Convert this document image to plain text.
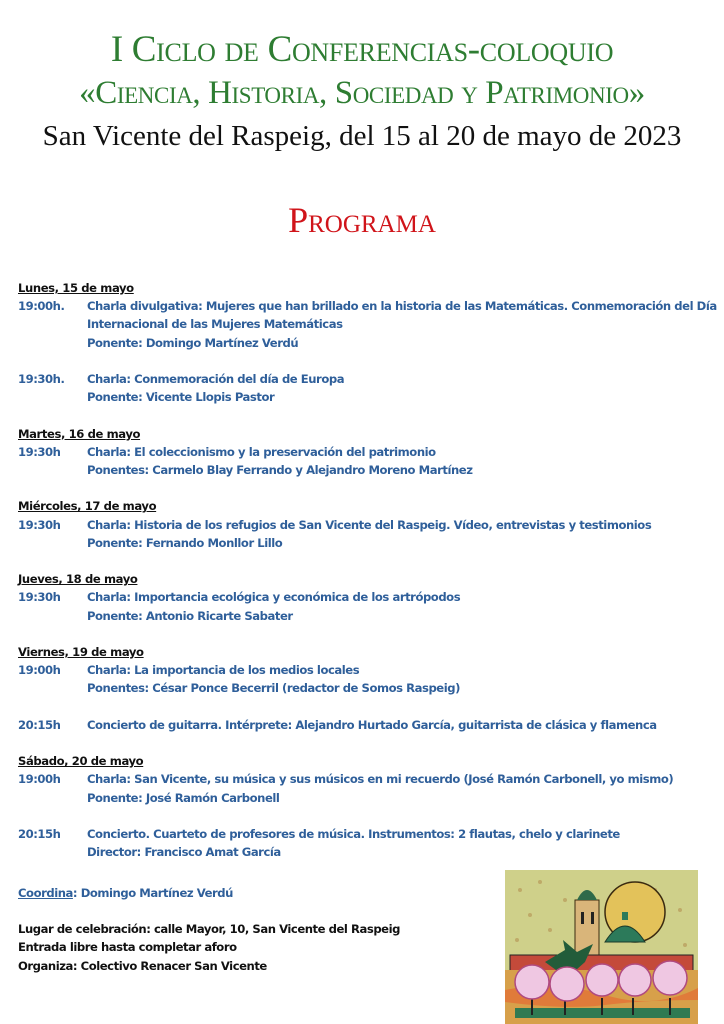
I Ciclo de Conferencias-coloquio
«Ciencia, Historia, Sociedad y Patrimonio»
San Vicente del Raspeig, del 15 al 20 de mayo de 2023
Programa
Lunes, 15 de mayo
19:00h.	Charla divulgativa: Mujeres que han brillado en la historia de las Matemáticas. Conmemoración del Día Internacional de las Mujeres Matemáticas
Ponente: Domingo Martínez Verdú
19:30h.	Charla: Conmemoración del día de Europa
Ponente: Vicente Llopis Pastor
Martes, 16 de mayo
19:30h	Charla: El coleccionismo y la preservación del patrimonio
Ponentes: Carmelo Blay Ferrando y Alejandro Moreno Martínez
Miércoles, 17 de mayo
19:30h	Charla: Historia de los refugios de San Vicente del Raspeig. Vídeo, entrevistas y testimonios
Ponente: Fernando Monllor Lillo
Jueves, 18 de mayo
19:30h	Charla: Importancia ecológica y económica de los artrópodos
Ponente: Antonio Ricarte Sabater
Viernes, 19 de mayo
19:00h	Charla: La importancia de los medios locales
Ponentes: César Ponce Becerril (redactor de Somos Raspeig)
20:15h	Concierto de guitarra. Intérprete: Alejandro Hurtado García, guitarrista de clásica y flamenca
Sábado, 20 de mayo
19:00h	Charla: San Vicente, su música y sus músicos en mi recuerdo (José Ramón Carbonell, yo mismo)
Ponente: José Ramón Carbonell
20:15h	Concierto. Cuarteto de profesores de música. Instrumentos: 2 flautas, chelo y clarinete
Director: Francisco Amat García
Coordina: Domingo Martínez Verdú
Lugar de celebración: calle Mayor, 10, San Vicente del Raspeig
Entrada libre hasta completar aforo
Organiza: Colectivo Renacer San Vicente
